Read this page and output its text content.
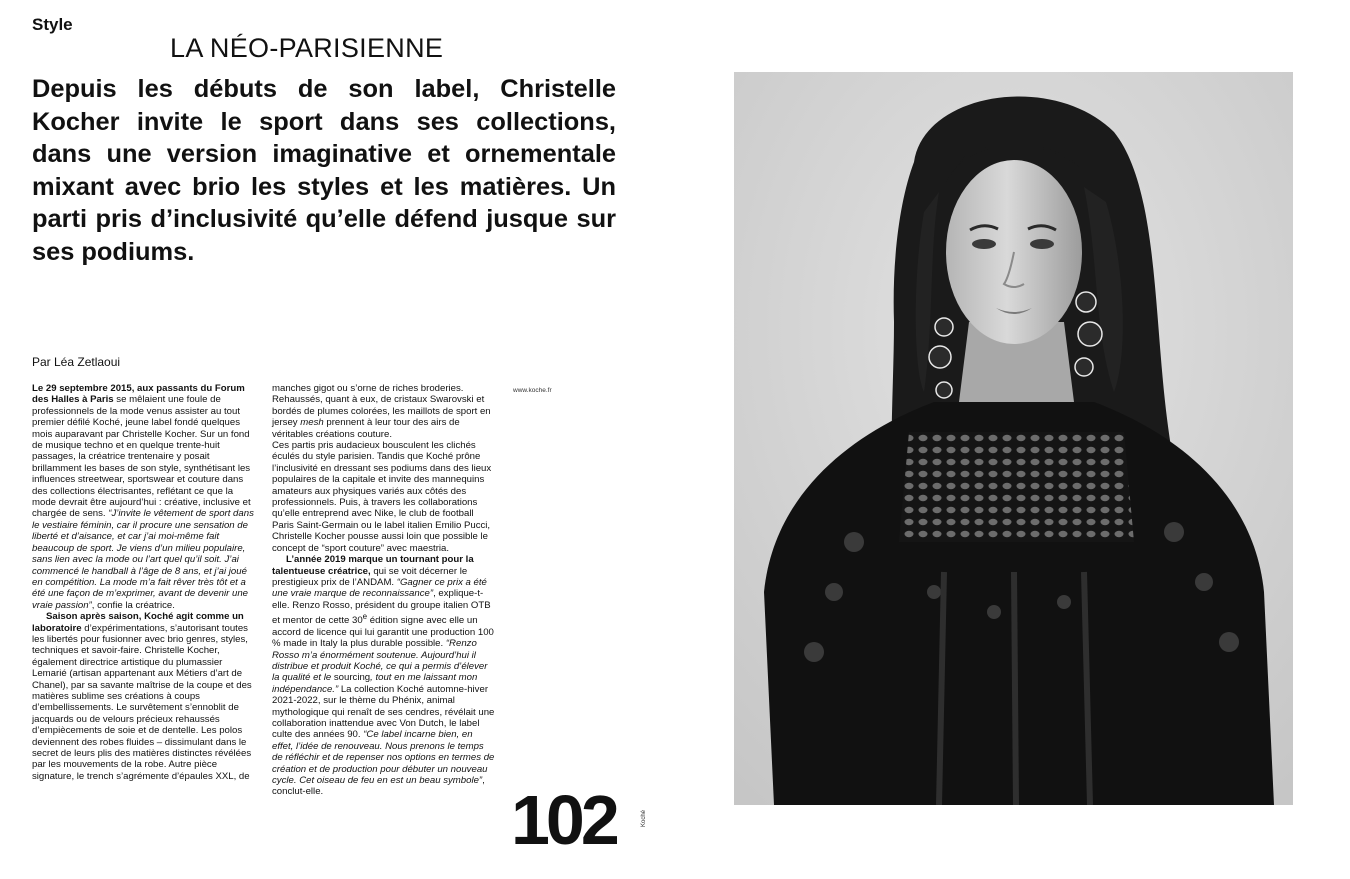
Style
LA NÉO-PARISIENNE
Depuis les débuts de son label, Christelle Kocher invite le sport dans ses collections, dans une version imaginative et ornementale mixant avec brio les styles et les matières. Un parti pris d’inclusivité qu’elle défend jusque sur ses podiums.
Par Léa Zetlaoui

Le 29 septembre 2015, aux passants du Forum des Halles à Paris se mêlaient une foule de professionnels de la mode venus assister au tout premier défilé Koché, jeune label fondé quelques mois auparavant par Christelle Kocher. Sur un fond de musique techno et en quelque trente-huit passages, la créatrice trentenaire y posait brillamment les bases de son style, synthétisant les influences streetwear, sportswear et couture dans des collections électrisantes, reflétant ce que la mode devrait être aujourd’hui : créative, inclusive et chargée de sens. “J’invite le vêtement de sport dans le vestiaire féminin, car il procure une sensation de liberté et d’aisance, et car j’ai moi-même fait beaucoup de sport. Je viens d’un milieu populaire, sans lien avec la mode ou l’art quel qu’il soit. J’ai commencé le handball à l’âge de 8 ans, et j’ai joué en compétition. La mode m’a fait rêver très tôt et a été une façon de m’exprimer, avant de devenir une vraie passion”, confie la créatrice.

Saison après saison, Koché agit comme un laboratoire d’expérimentations, s’autorisant toutes les libertés pour fusionner avec brio genres, styles, techniques et savoir-faire. Christelle Kocher, également directrice artistique du plumassier Lemarié (artisan appartenant aux Métiers d’art de Chanel), par sa savante maîtrise de la coupe et des matières sublime ses créations à coups d’embellissements. Le survêtement s’ennoblit de jacquards ou de velours précieux rehaussés d’empiècements de soie et de dentelle. Les polos deviennent des robes fluides – dissimulant dans le secret de leurs plis des matières distinctes révélées par les mouvements de la robe. Autre pièce signature, le trench s’agrémente d’épaules XXL, de

manches gigot ou s’orne de riches broderies. Rehaussés, quant à eux, de cristaux Swarovski et bordés de plumes colorées, les maillots de sport en jersey mesh prennent à leur tour des airs de véritables créations couture.

Ces partis pris audacieux bousculent les clichés éculés du style parisien. Tandis que Koché prône l’inclusivité en dressant ses podiums dans des lieux populaires de la capitale et invite des mannequins amateurs aux physiques variés aux côtés des professionnels. Puis, à travers les collaborations qu’elle entreprend avec Nike, le club de football Paris Saint-Germain ou le label italien Emilio Pucci, Christelle Kocher pousse aussi loin que possible le concept de “sport couture” avec maestria.

L’année 2019 marque un tournant pour la talentueuse créatrice, qui se voit décerner le prestigieux prix de l’ANDAM. “Gagner ce prix a été une vraie marque de reconnaissance”, explique-t-elle. Renzo Rosso, président du groupe italien OTB et mentor de cette 30e édition signe avec elle un accord de licence qui lui garantit une production 100 % made in Italy la plus durable possible. “Renzo Rosso m’a énormément soutenue. Aujourd’hui il distribue et produit Koché, ce qui a permis d’élever la qualité et le sourcing, tout en me laissant mon indépendance.” La collection Koché automne-hiver 2021-2022, sur le thème du Phénix, animal mythologique qui renaît de ses cendres, révélait une collaboration inattendue avec Von Dutch, le label culte des années 90. “Ce label incarne bien, en effet, l’idée de renouveau. Nous prenons le temps de réfléchir et de repenser nos options en termes de création et de production pour débuter un nouveau cycle. Cet oiseau de feu en est un beau symbole”, conclut-elle.

www.koche.fr
102	Koché
